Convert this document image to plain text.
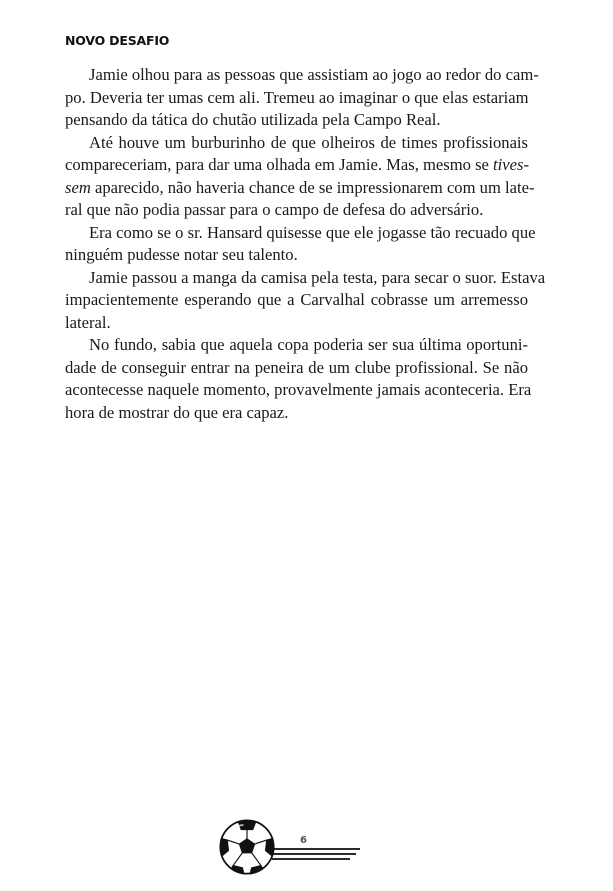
NOVO DESAFIO
Jamie olhou para as pessoas que assistiam ao jogo ao redor do cam-
po. Deveria ter umas cem ali. Tremeu ao imaginar o que elas estariam
pensando da tática do chutão utilizada pela Campo Real.
Até houve um burburinho de que olheiros de times profissionais
compareceriam, para dar uma olhada em Jamie. Mas, mesmo se tives-
sem aparecido, não haveria chance de se impressionarem com um late-
ral que não podia passar para o campo de defesa do adversário.
Era como se o sr. Hansard quisesse que ele jogasse tão recuado que
ninguém pudesse notar seu talento.
Jamie passou a manga da camisa pela testa, para secar o suor. Estava
impacientemente esperando que a Carvalhal cobrasse um arremesso
lateral.
No fundo, sabia que aquela copa poderia ser sua última oportuni-
dade de conseguir entrar na peneira de um clube profissional. Se não
acontecesse naquele momento, provavelmente jamais aconteceria. Era
hora de mostrar do que era capaz.
6
